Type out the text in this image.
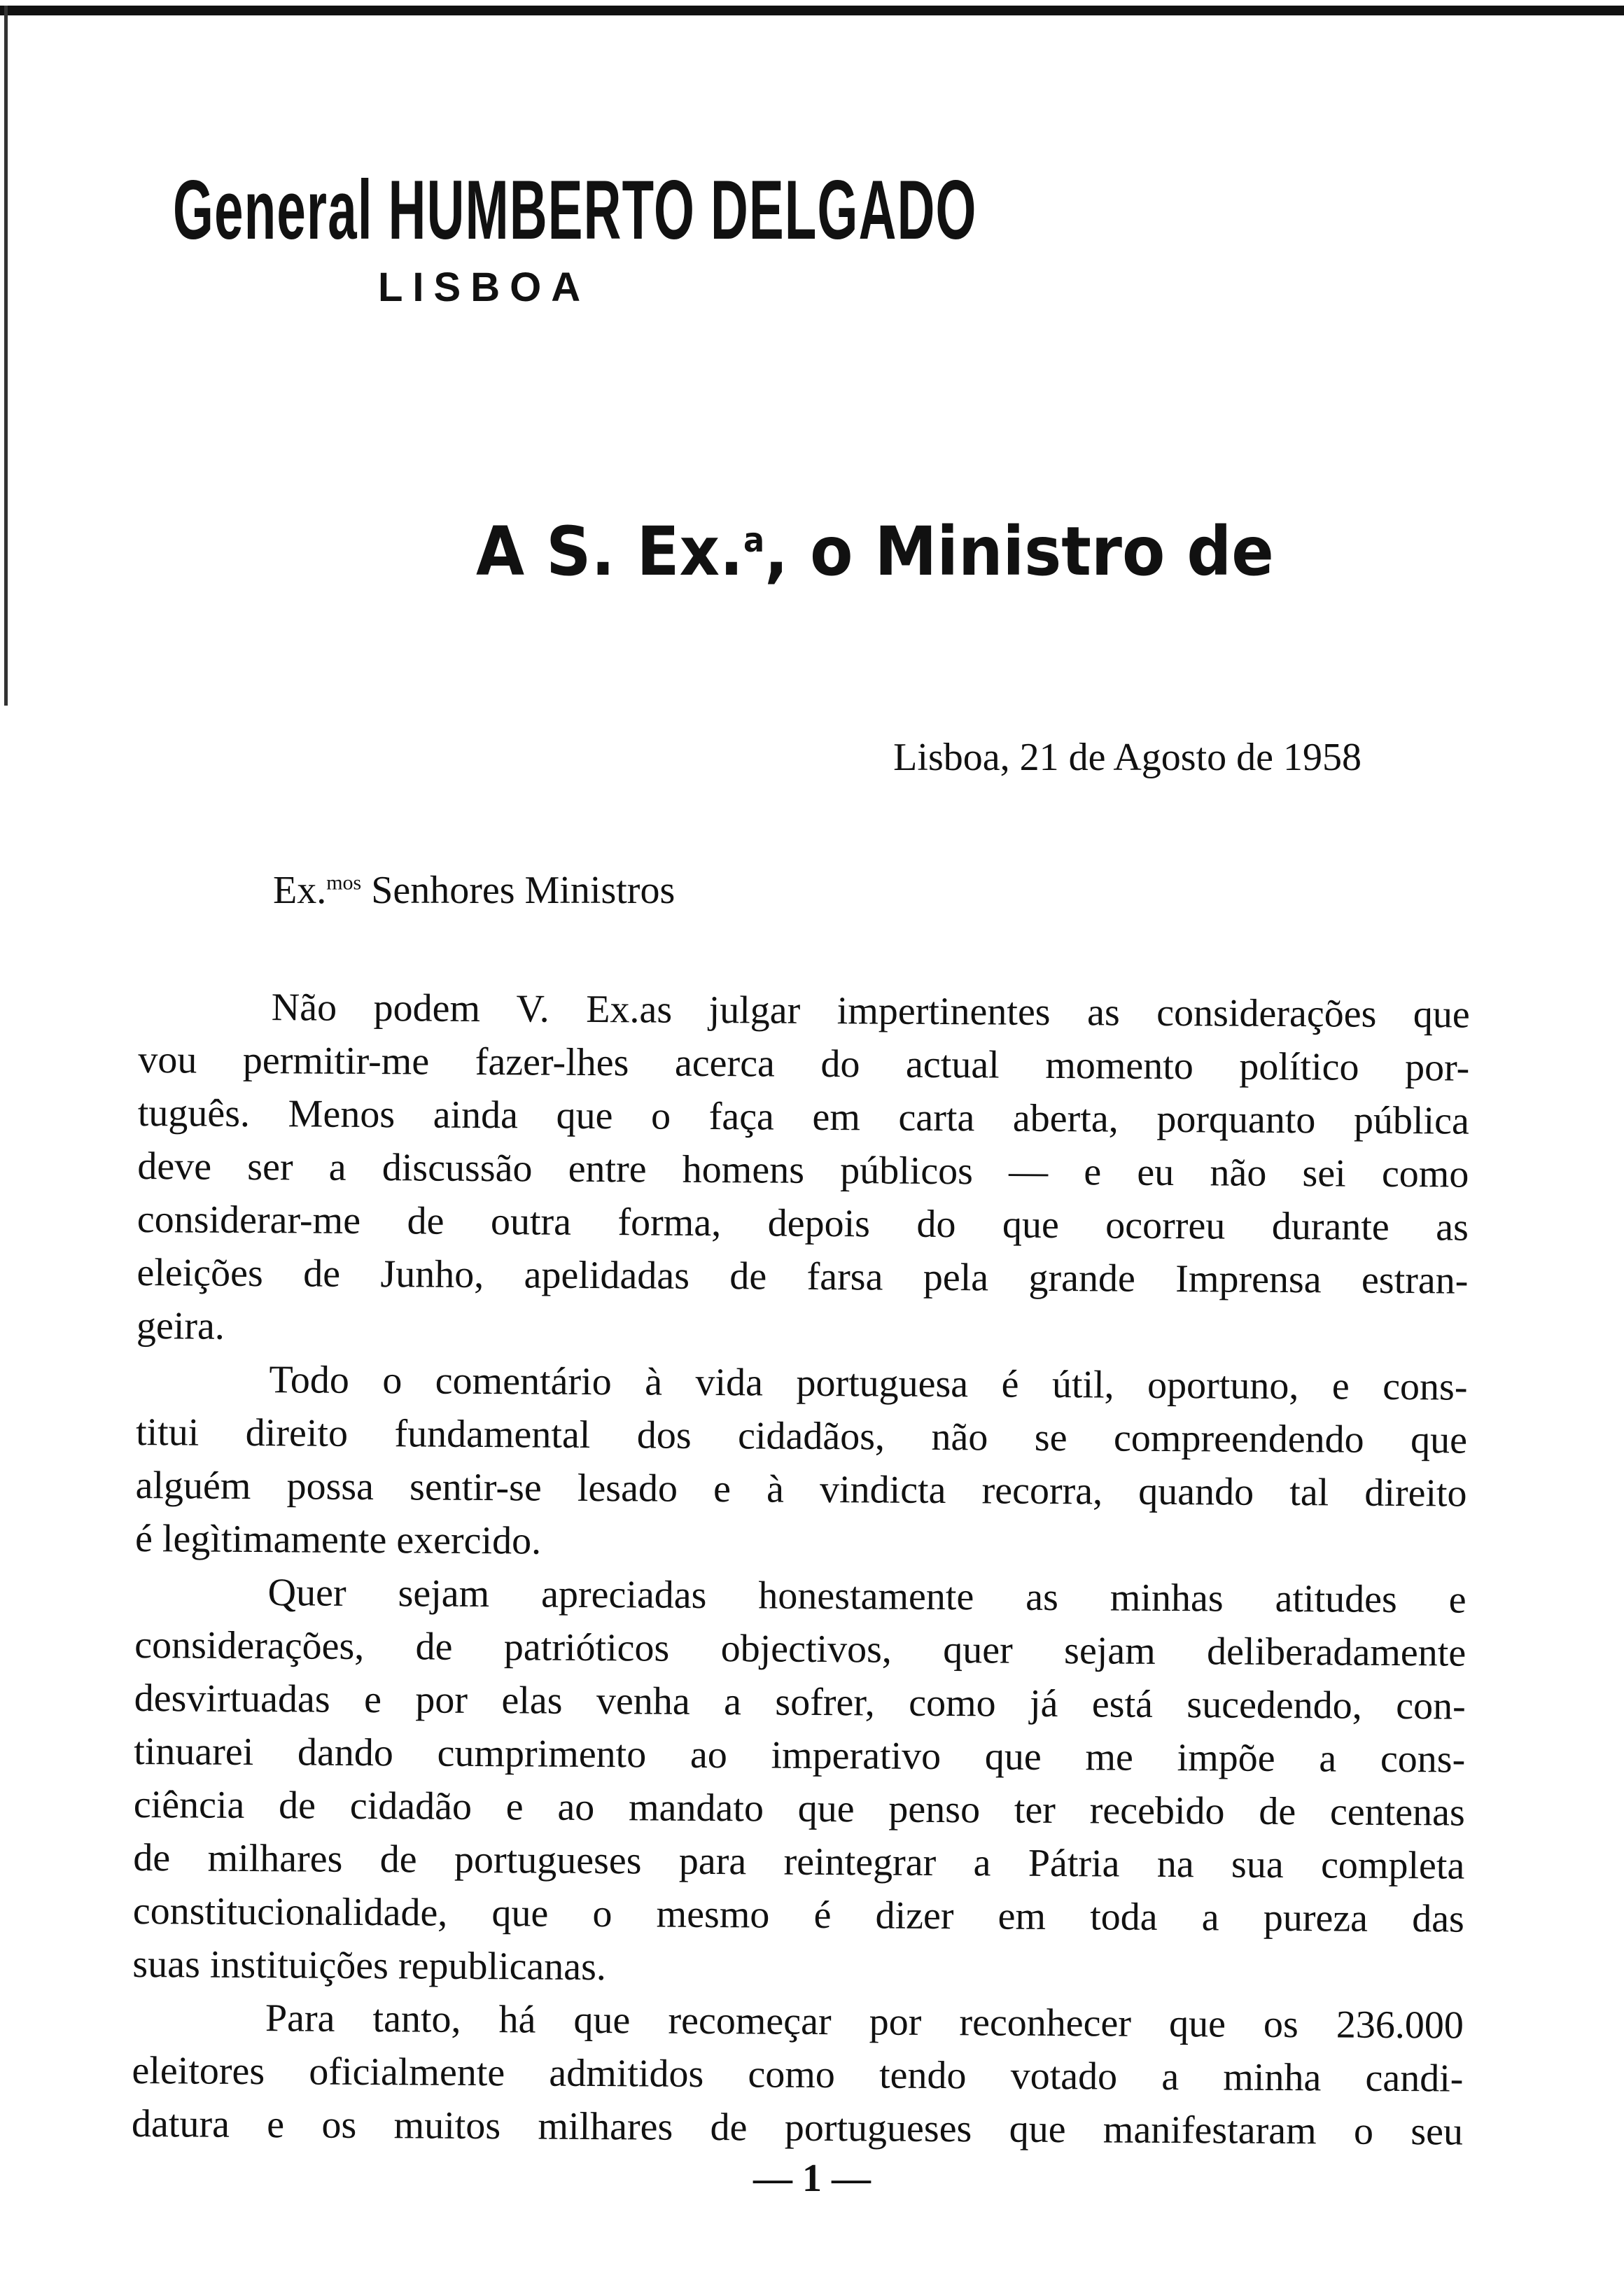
General HUMBERTO DELGADO
LISBOA
A S. Ex.$^a$, o Ministro de
Lisboa, 21 de Agosto de 1958
Ex.$^{mos}$ Senhores Ministros
Não podem V. Ex.as julgar impertinentes as considerações que
vou permitir-me fazer-lhes acerca do actual momento político por-
tuguês. Menos ainda que o faça em carta aberta, porquanto pública
deve ser a discussão entre homens públicos — e eu não sei como
considerar-me de outra forma, depois do que ocorreu durante as
eleições de Junho, apelidadas de farsa pela grande Imprensa estran-
geira.
Todo o comentário à vida portuguesa é útil, oportuno, e cons-
titui direito fundamental dos cidadãos, não se compreendendo que
alguém possa sentir-se lesado e à vindicta recorra, quando tal direito
é legìtimamente exercido.
Quer sejam apreciadas honestamente as minhas atitudes e
considerações, de patrióticos objectivos, quer sejam deliberadamente
desvirtuadas e por elas venha a sofrer, como já está sucedendo, con-
tinuarei dando cumprimento ao imperativo que me impõe a cons-
ciência de cidadão e ao mandato que penso ter recebido de centenas
de milhares de portugueses para reintegrar a Pátria na sua completa
constitucionalidade, que o mesmo é dizer em toda a pureza das
suas instituições republicanas.
Para tanto, há que recomeçar por reconhecer que os 236.000
eleitores oficialmente admitidos como tendo votado a minha candi-
datura e os muitos milhares de portugueses que manifestaram o seu
— 1 —
